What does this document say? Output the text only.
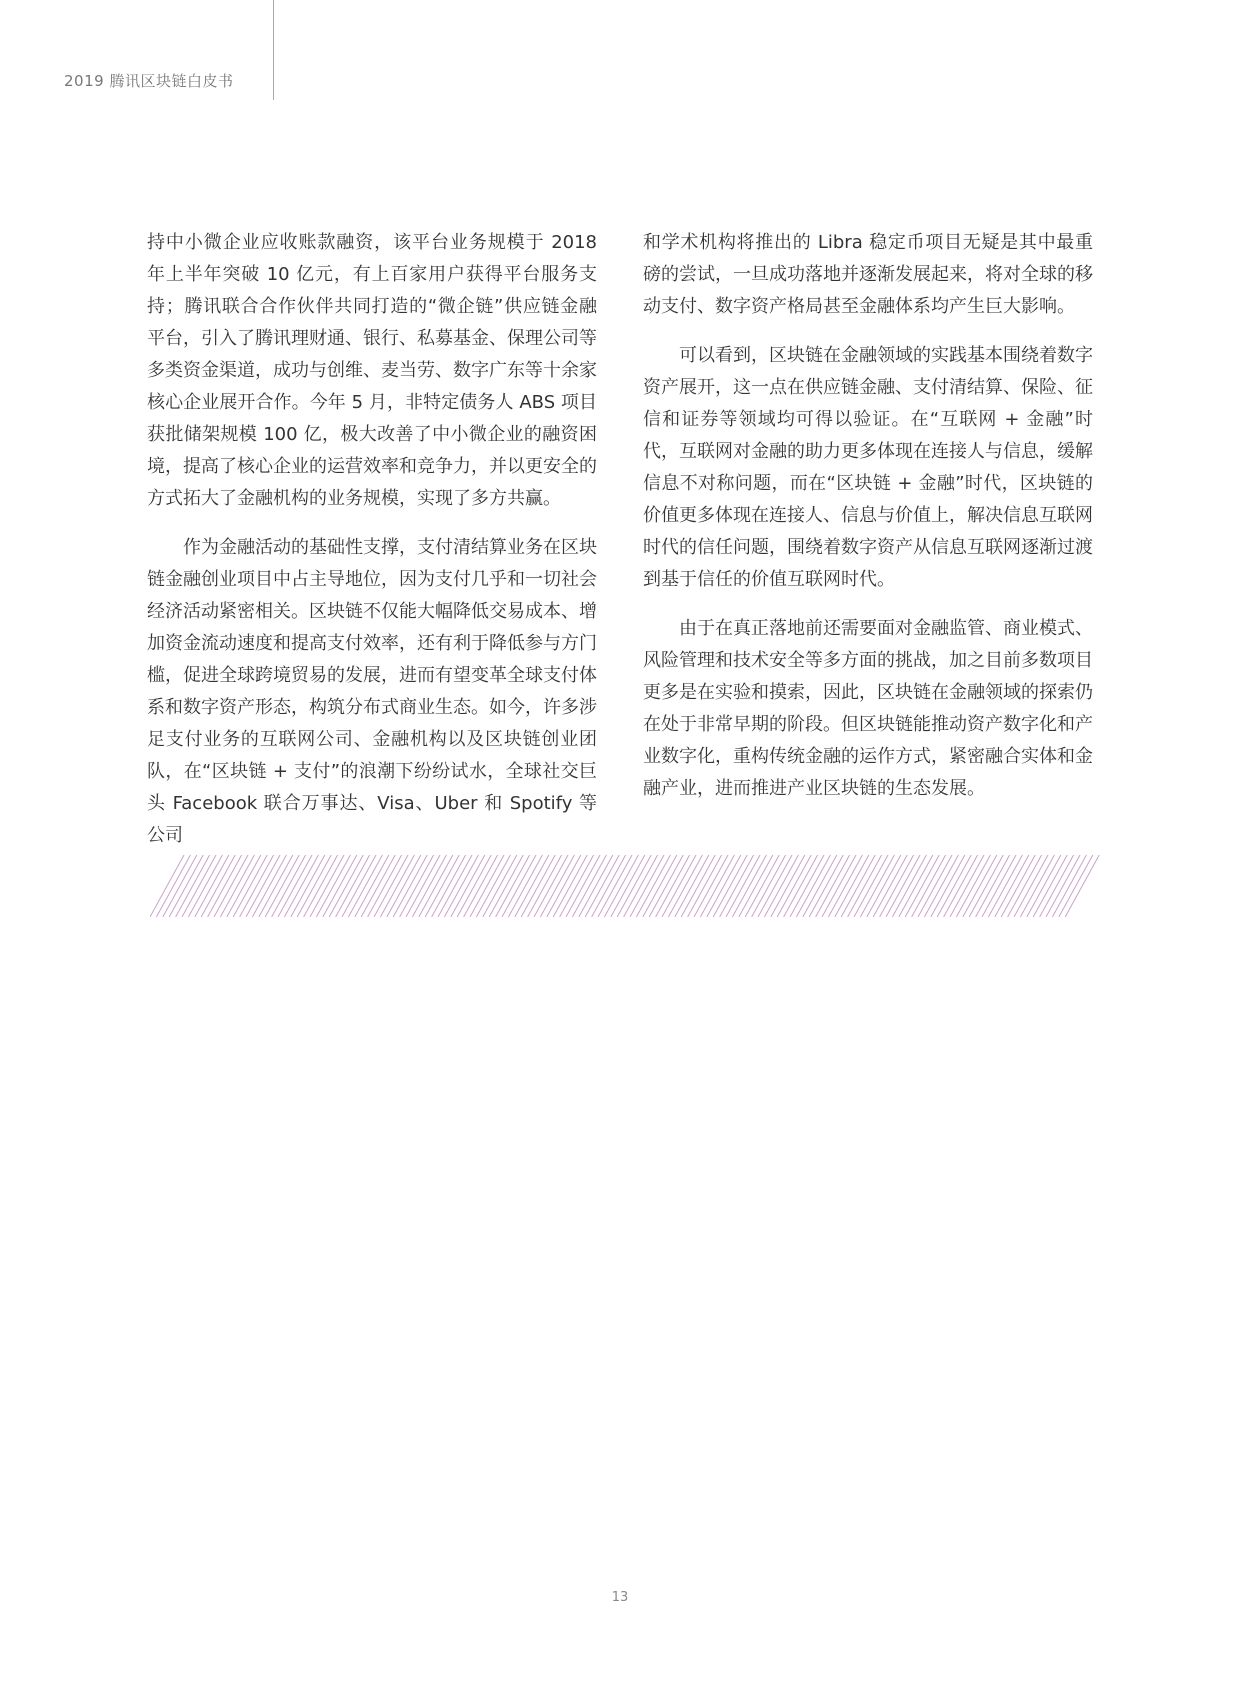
2019 腾讯区块链白皮书

持中小微企业应收账款融资，该平台业务规模于 2018 年上半年突破 10 亿元，有上百家用户获得平台服务支持；腾讯联合合作伙伴共同打造的“微企链”供应链金融平台，引入了腾讯理财通、银行、私募基金、保理公司等多类资金渠道，成功与创维、麦当劳、数字广东等十余家核心企业展开合作。今年 5 月，非特定债务人 ABS 项目获批储架规模 100 亿，极大改善了中小微企业的融资困境，提高了核心企业的运营效率和竞争力，并以更安全的方式拓大了金融机构的业务规模，实现了多方共赢。

作为金融活动的基础性支撑，支付清结算业务在区块链金融创业项目中占主导地位，因为支付几乎和一切社会经济活动紧密相关。区块链不仅能大幅降低交易成本、增加资金流动速度和提高支付效率，还有利于降低参与方门槛，促进全球跨境贸易的发展，进而有望变革全球支付体系和数字资产形态，构筑分布式商业生态。如今，许多涉足支付业务的互联网公司、金融机构以及区块链创业团队，在“区块链 + 支付”的浪潮下纷纷试水，全球社交巨头 Facebook 联合万事达、Visa、Uber 和 Spotify 等公司

和学术机构将推出的 Libra 稳定币项目无疑是其中最重磅的尝试，一旦成功落地并逐渐发展起来，将对全球的移动支付、数字资产格局甚至金融体系均产生巨大影响。

可以看到，区块链在金融领域的实践基本围绕着数字资产展开，这一点在供应链金融、支付清结算、保险、征信和证券等领域均可得以验证。在“互联网 + 金融”时代，互联网对金融的助力更多体现在连接人与信息，缓解信息不对称问题，而在“区块链 + 金融”时代，区块链的价值更多体现在连接人、信息与价值上，解决信息互联网时代的信任问题，围绕着数字资产从信息互联网逐渐过渡到基于信任的价值互联网时代。

由于在真正落地前还需要面对金融监管、商业模式、风险管理和技术安全等多方面的挑战，加之目前多数项目更多是在实验和摸索，因此，区块链在金融领域的探索仍在处于非常早期的阶段。但区块链能推动资产数字化和产业数字化，重构传统金融的运作方式，紧密融合实体和金融产业，进而推进产业区块链的生态发展。

13
